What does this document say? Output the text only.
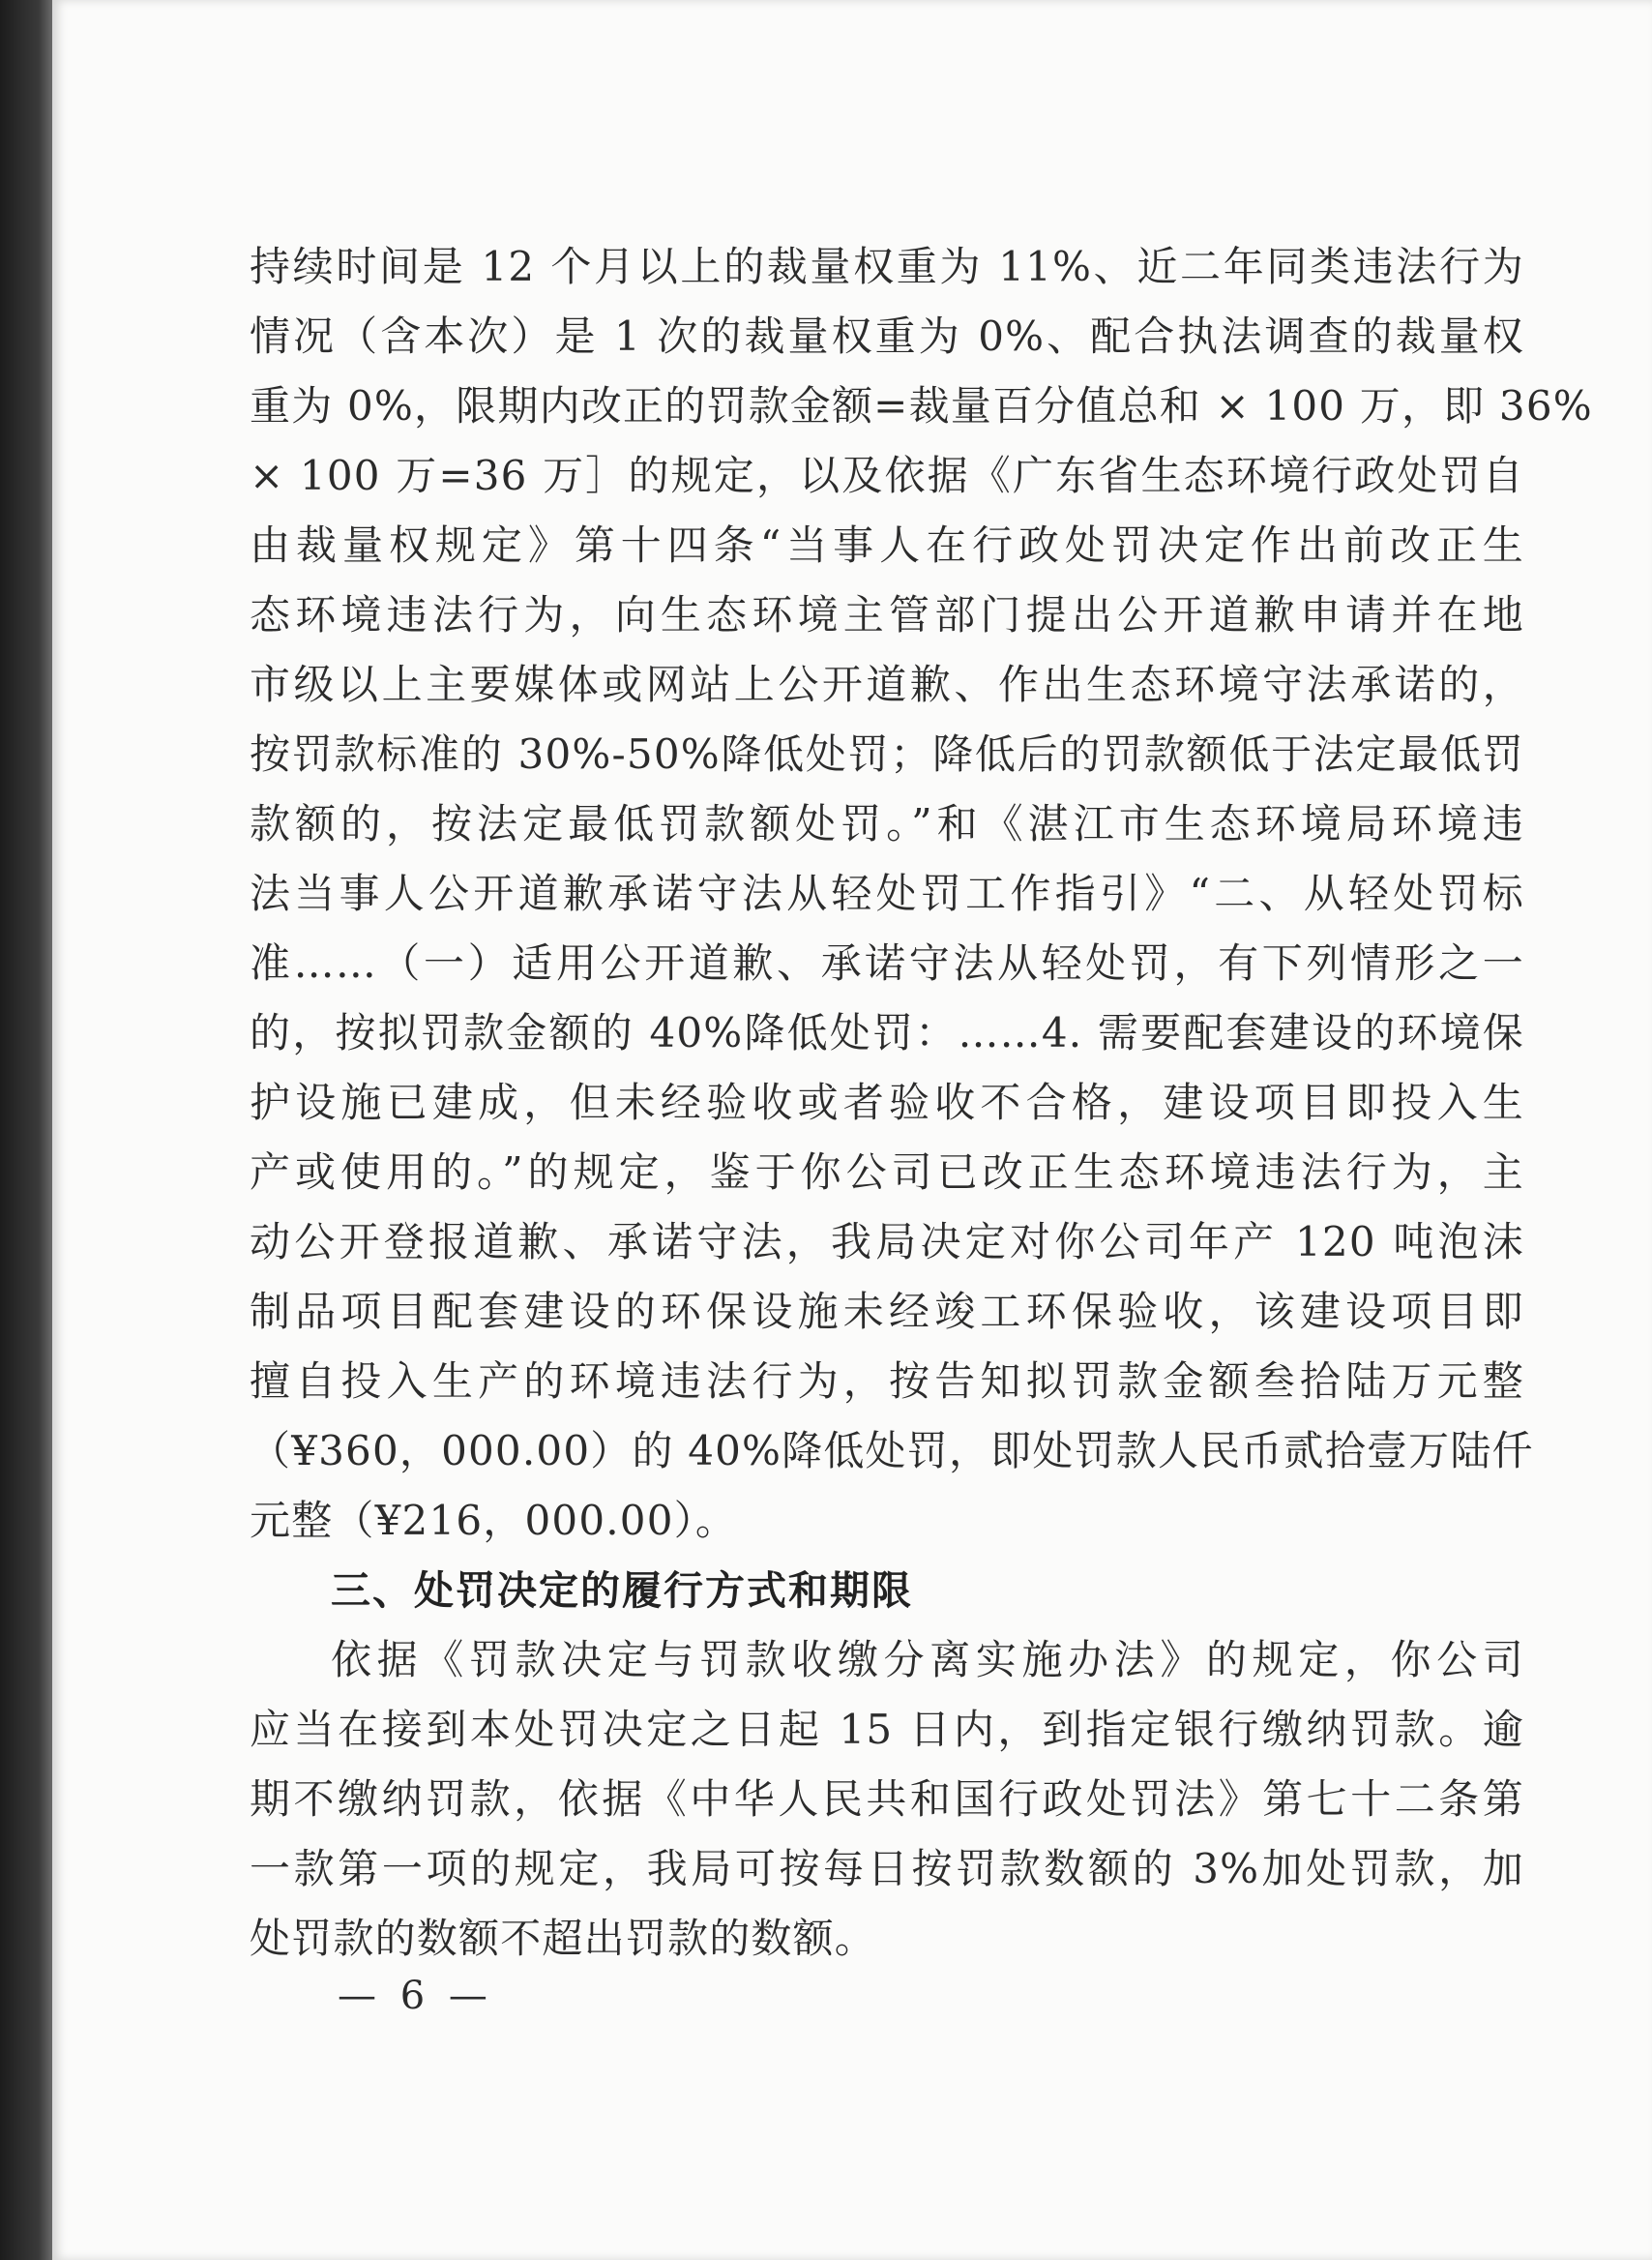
持续时间是 12 个月以上的裁量权重为 11%、近二年同类违法行为
情况（含本次）是 1 次的裁量权重为 0%、配合执法调查的裁量权
重为 0%，限期内改正的罚款金额=裁量百分值总和 × 100 万，即 36%
× 100 万=36 万］的规定，以及依据《广东省生态环境行政处罚自
由裁量权规定》第十四条“当事人在行政处罚决定作出前改正生
态环境违法行为，向生态环境主管部门提出公开道歉申请并在地
市级以上主要媒体或网站上公开道歉、作出生态环境守法承诺的，
按罚款标准的 30%-50%降低处罚；降低后的罚款额低于法定最低罚
款额的，按法定最低罚款额处罚。”和《湛江市生态环境局环境违
法当事人公开道歉承诺守法从轻处罚工作指引》“二、从轻处罚标
准……（一）适用公开道歉、承诺守法从轻处罚，有下列情形之一
的，按拟罚款金额的 40%降低处罚：……4. 需要配套建设的环境保
护设施已建成，但未经验收或者验收不合格，建设项目即投入生
产或使用的。”的规定，鉴于你公司已改正生态环境违法行为，主
动公开登报道歉、承诺守法，我局决定对你公司年产 120 吨泡沫
制品项目配套建设的环保设施未经竣工环保验收，该建设项目即
擅自投入生产的环境违法行为，按告知拟罚款金额叁拾陆万元整
（¥360，000.00）的 40%降低处罚，即处罚款人民币贰拾壹万陆仟
元整（¥216，000.00）。
三、处罚决定的履行方式和期限
依据《罚款决定与罚款收缴分离实施办法》的规定，你公司
应当在接到本处罚决定之日起 15 日内，到指定银行缴纳罚款。逾
期不缴纳罚款，依据《中华人民共和国行政处罚法》第七十二条第
一款第一项的规定，我局可按每日按罚款数额的 3%加处罚款，加
处罚款的数额不超出罚款的数额。
— 6 —
